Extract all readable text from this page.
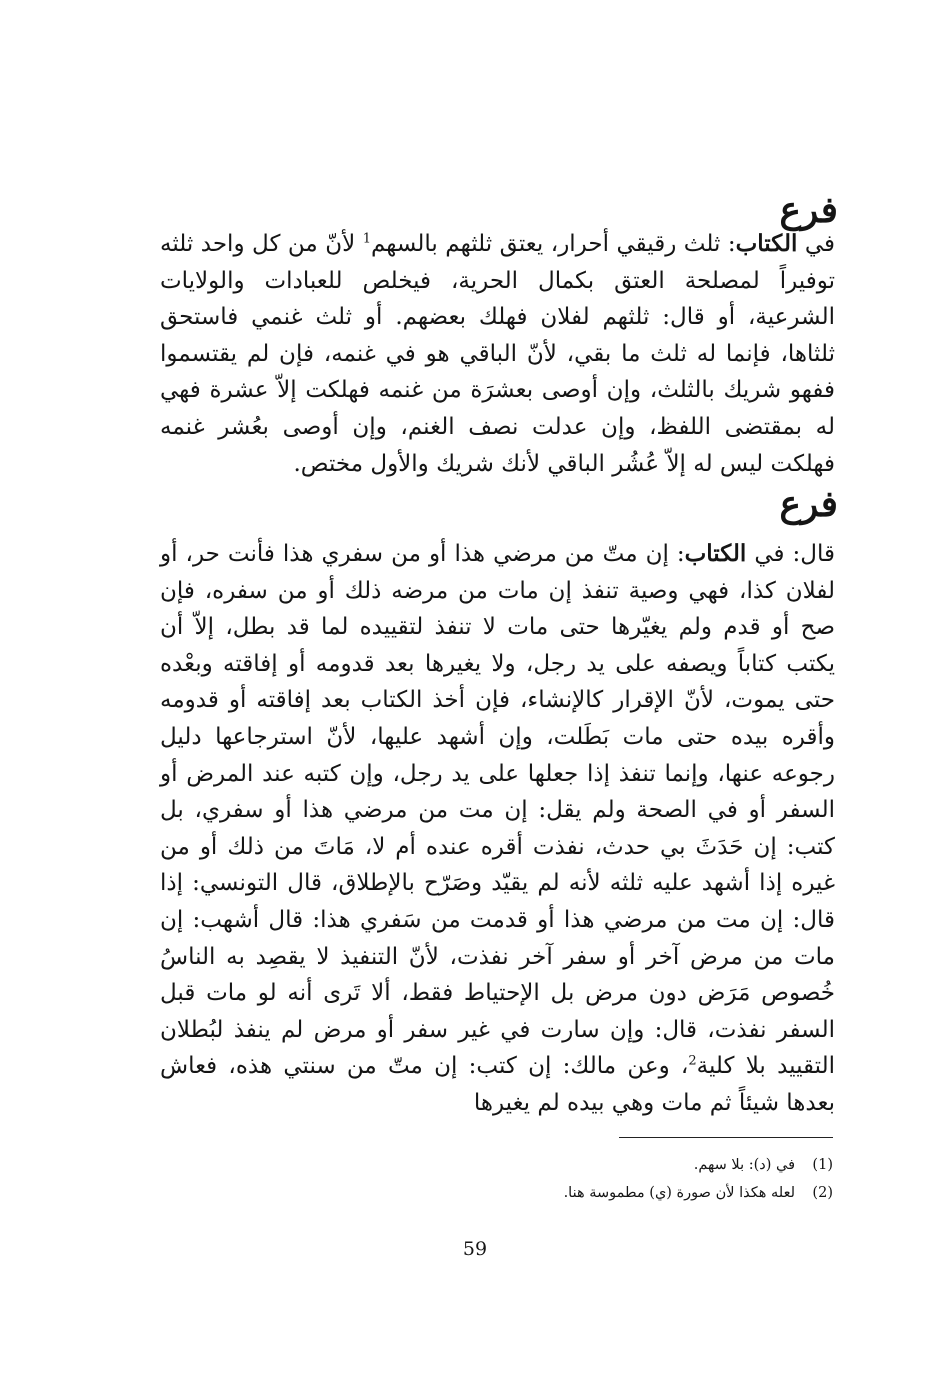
فرع
في الكتاب: ثلث رقيقي أحرار، يعتق ثلثهم بالسهم$^1$ لأنّ من كل واحد ثلثه توفيراً لمصلحة العتق بكمال الحرية، فيخلص للعبادات والولايات الشرعية، أو قال: ثلثهم لفلان فهلك بعضهم. أو ثلث غنمي فاستحق ثلثاها، فإنما له ثلث ما بقي، لأنّ الباقي هو في غنمه، فإن لم يقتسموا ففهو شريك بالثلث، وإن أوصى بعشرَة من غنمه فهلكت إلاّ عشرة فهي له بمقتضى اللفظ، وإن عدلت نصف الغنم، وإن أوصى بعُشر غنمه فهلكت ليس له إلاّ عُشُر الباقي لأنك شريك والأول مختص.
فرع
قال: في الكتاب: إن متّ من مرضي هذا أو من سفري هذا فأنت حر، أو لفلان كذا، فهي وصية تنفذ إن مات من مرضه ذلك أو من سفره، فإن صح أو قدم ولم يغيّرها حتى مات لا تنفذ لتقييده لما قد بطل، إلاّ أن يكتب كتاباً ويصفه على يد رجل، ولا يغيرها بعد قدومه أو إفاقته وبعْده حتى يموت، لأنّ الإقرار كالإنشاء، فإن أخذ الكتاب بعد إفاقته أو قدومه وأقره بيده حتى مات بَطَلت، وإن أشهد عليها، لأنّ استرجاعها دليل رجوعه عنها، وإنما تنفذ إذا جعلها على يد رجل، وإن كتبه عند المرض أو السفر أو في الصحة ولم يقل: إن مت من مرضي هذا أو سفري، بل كتب: إن حَدَثَ بي حدث، نفذت أقره عنده أم لا، مَاتَ من ذلك أو من غيره إذا أشهد عليه ثلثه لأنه لم يقيّد وصَرّح بالإطلاق، قال التونسي: إذا قال: إن مت من مرضي هذا أو قدمت من سَفري هذا: قال أشهب: إن مات من مرض آخر أو سفر آخر نفذت، لأنّ التنفيذ لا يقصِد به الناسُ خُصوص مَرَض دون مرض بل الإحتياط فقط، ألا تَرى أنه لو مات قبل السفر نفذت، قال: وإن سارت في غير سفر أو مرض لم ينفذ لبُطلان التقييد بلا كلية$^2$، وعن مالك: إن كتب: إن متّ من سنتي هذه، فعاش بعدها شيئاً ثم مات وهي بيده لم يغيرها
(1)في (د): بلا سهم.
(2)لعله هكذا لأن صورة (ي) مطموسة هنا.
59
